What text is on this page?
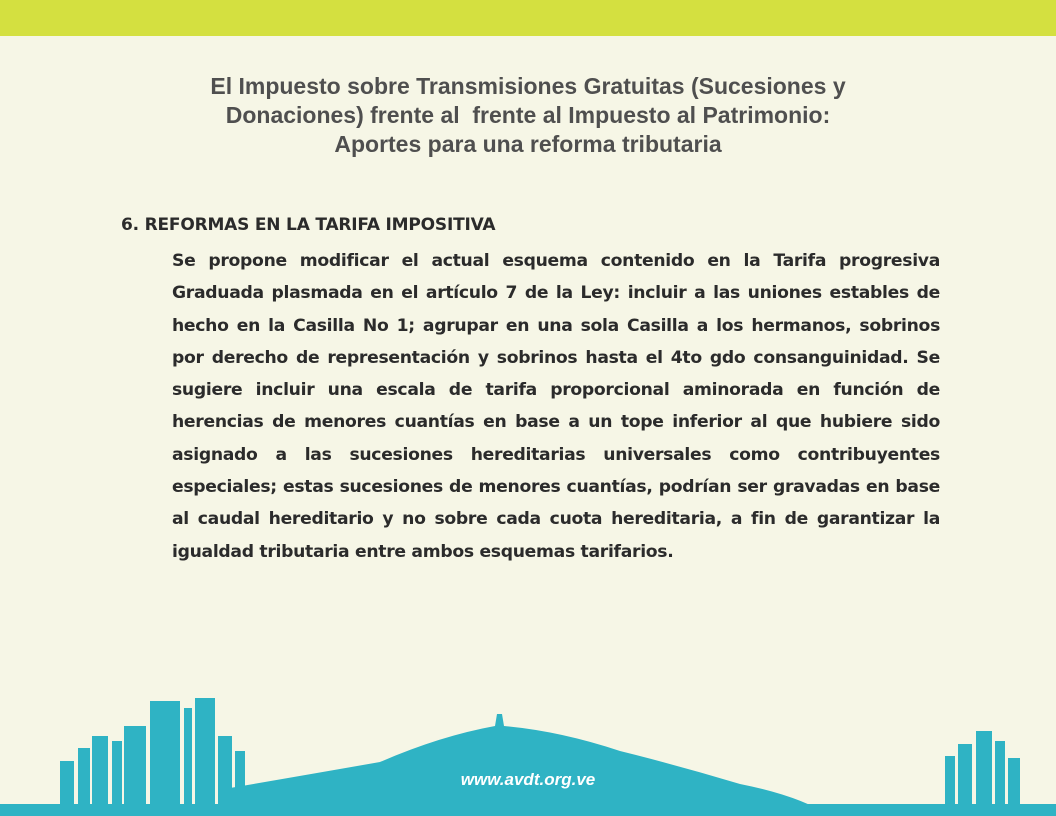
El Impuesto sobre Transmisiones Gratuitas (Sucesiones y
Donaciones) frente al  frente al Impuesto al Patrimonio:
Aportes para una reforma tributaria
6. REFORMAS EN LA TARIFA IMPOSITIVA
Se propone modificar el actual esquema contenido en la Tarifa progresiva Graduada plasmada en el artículo 7 de la Ley: incluir a las uniones estables de hecho en la Casilla No 1; agrupar en una sola Casilla a los hermanos, sobrinos por derecho de representación y sobrinos hasta el 4to gdo consanguinidad. Se sugiere incluir una escala de tarifa proporcional aminorada en función de herencias de menores cuantías en base a un tope inferior al que hubiere sido asignado a las sucesiones hereditarias universales como contribuyentes especiales; estas sucesiones de menores cuantías, podrían ser gravadas en base al caudal hereditario y no sobre cada cuota hereditaria, a fin de garantizar la igualdad tributaria entre ambos esquemas tarifarios.
www.avdt.org.ve
